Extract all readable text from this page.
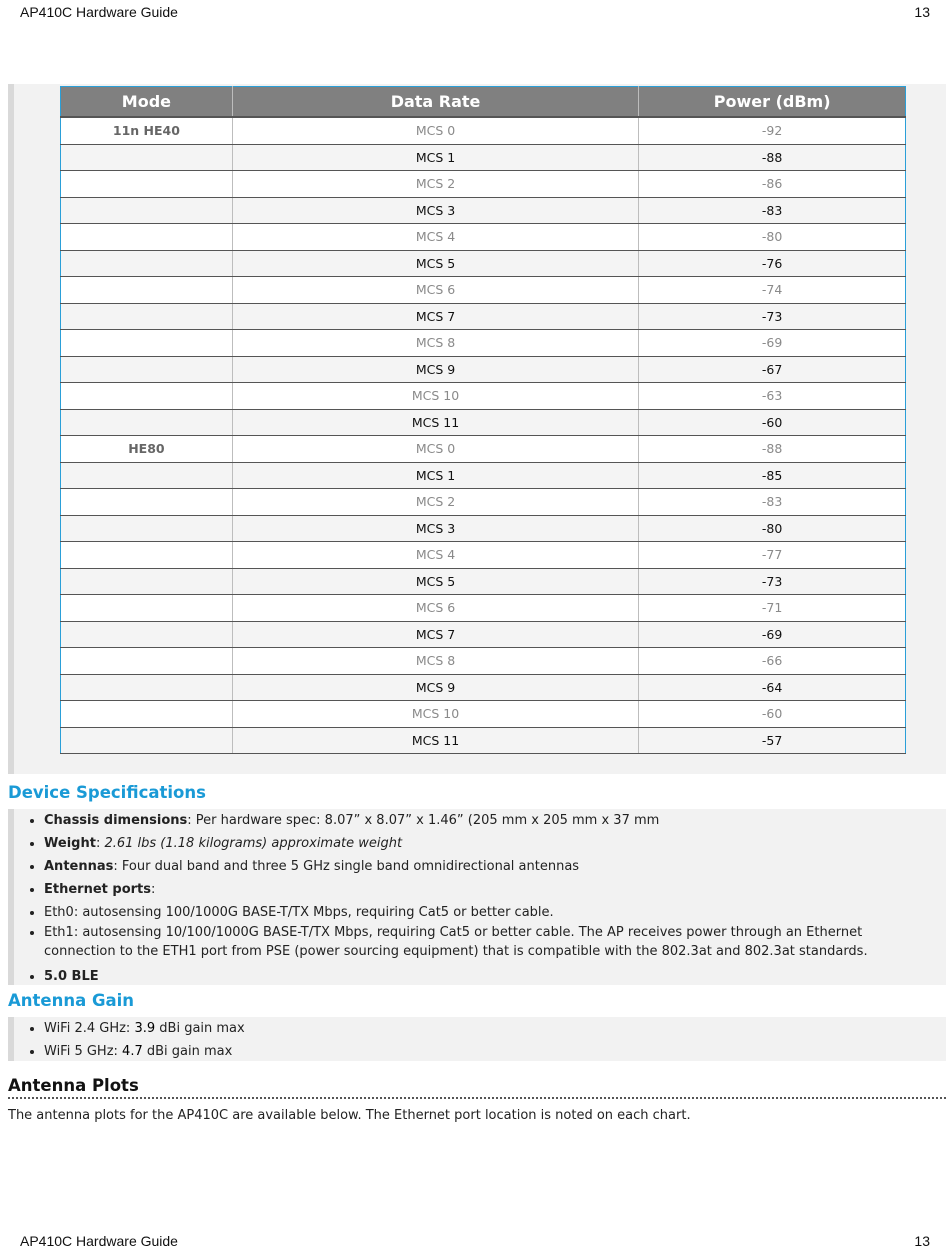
AP410C Hardware Guide	13
Mode	Data Rate	Power (dBm)
11n HE40	MCS 0	-92
	MCS 1	-88
	MCS 2	-86
	MCS 3	-83
	MCS 4	-80
	MCS 5	-76
	MCS 6	-74
	MCS 7	-73
	MCS 8	-69
	MCS 9	-67
	MCS 10	-63
	MCS 11	-60
HE80	MCS 0	-88
	MCS 1	-85
	MCS 2	-83
	MCS 3	-80
	MCS 4	-77
	MCS 5	-73
	MCS 6	-71
	MCS 7	-69
	MCS 8	-66
	MCS 9	-64
	MCS 10	-60
	MCS 11	-57
Device Specifications
Chassis dimensions: Per hardware spec: 8.07” x 8.07” x 1.46” (205 mm x 205 mm x 37 mm
Weight: 2.61 lbs (1.18 kilograms) approximate weight
Antennas: Four dual band and three 5 GHz single band omnidirectional antennas
Ethernet ports:
Eth0: autosensing 100/1000G BASE-T/TX Mbps, requiring Cat5 or better cable.
Eth1: autosensing 10/100/1000G BASE-T/TX Mbps, requiring Cat5 or better cable. The AP receives power through an Ethernet connection to the ETH1 port from PSE (power sourcing equipment) that is compatible with the 802.3at and 802.3at standards.
5.0 BLE
Antenna Gain
WiFi 2.4 GHz: 3.9 dBi gain max
WiFi 5 GHz: 4.7 dBi gain max
Antenna Plots
The antenna plots for the AP410C are available below. The Ethernet port location is noted on each chart.
AP410C Hardware Guide	13
